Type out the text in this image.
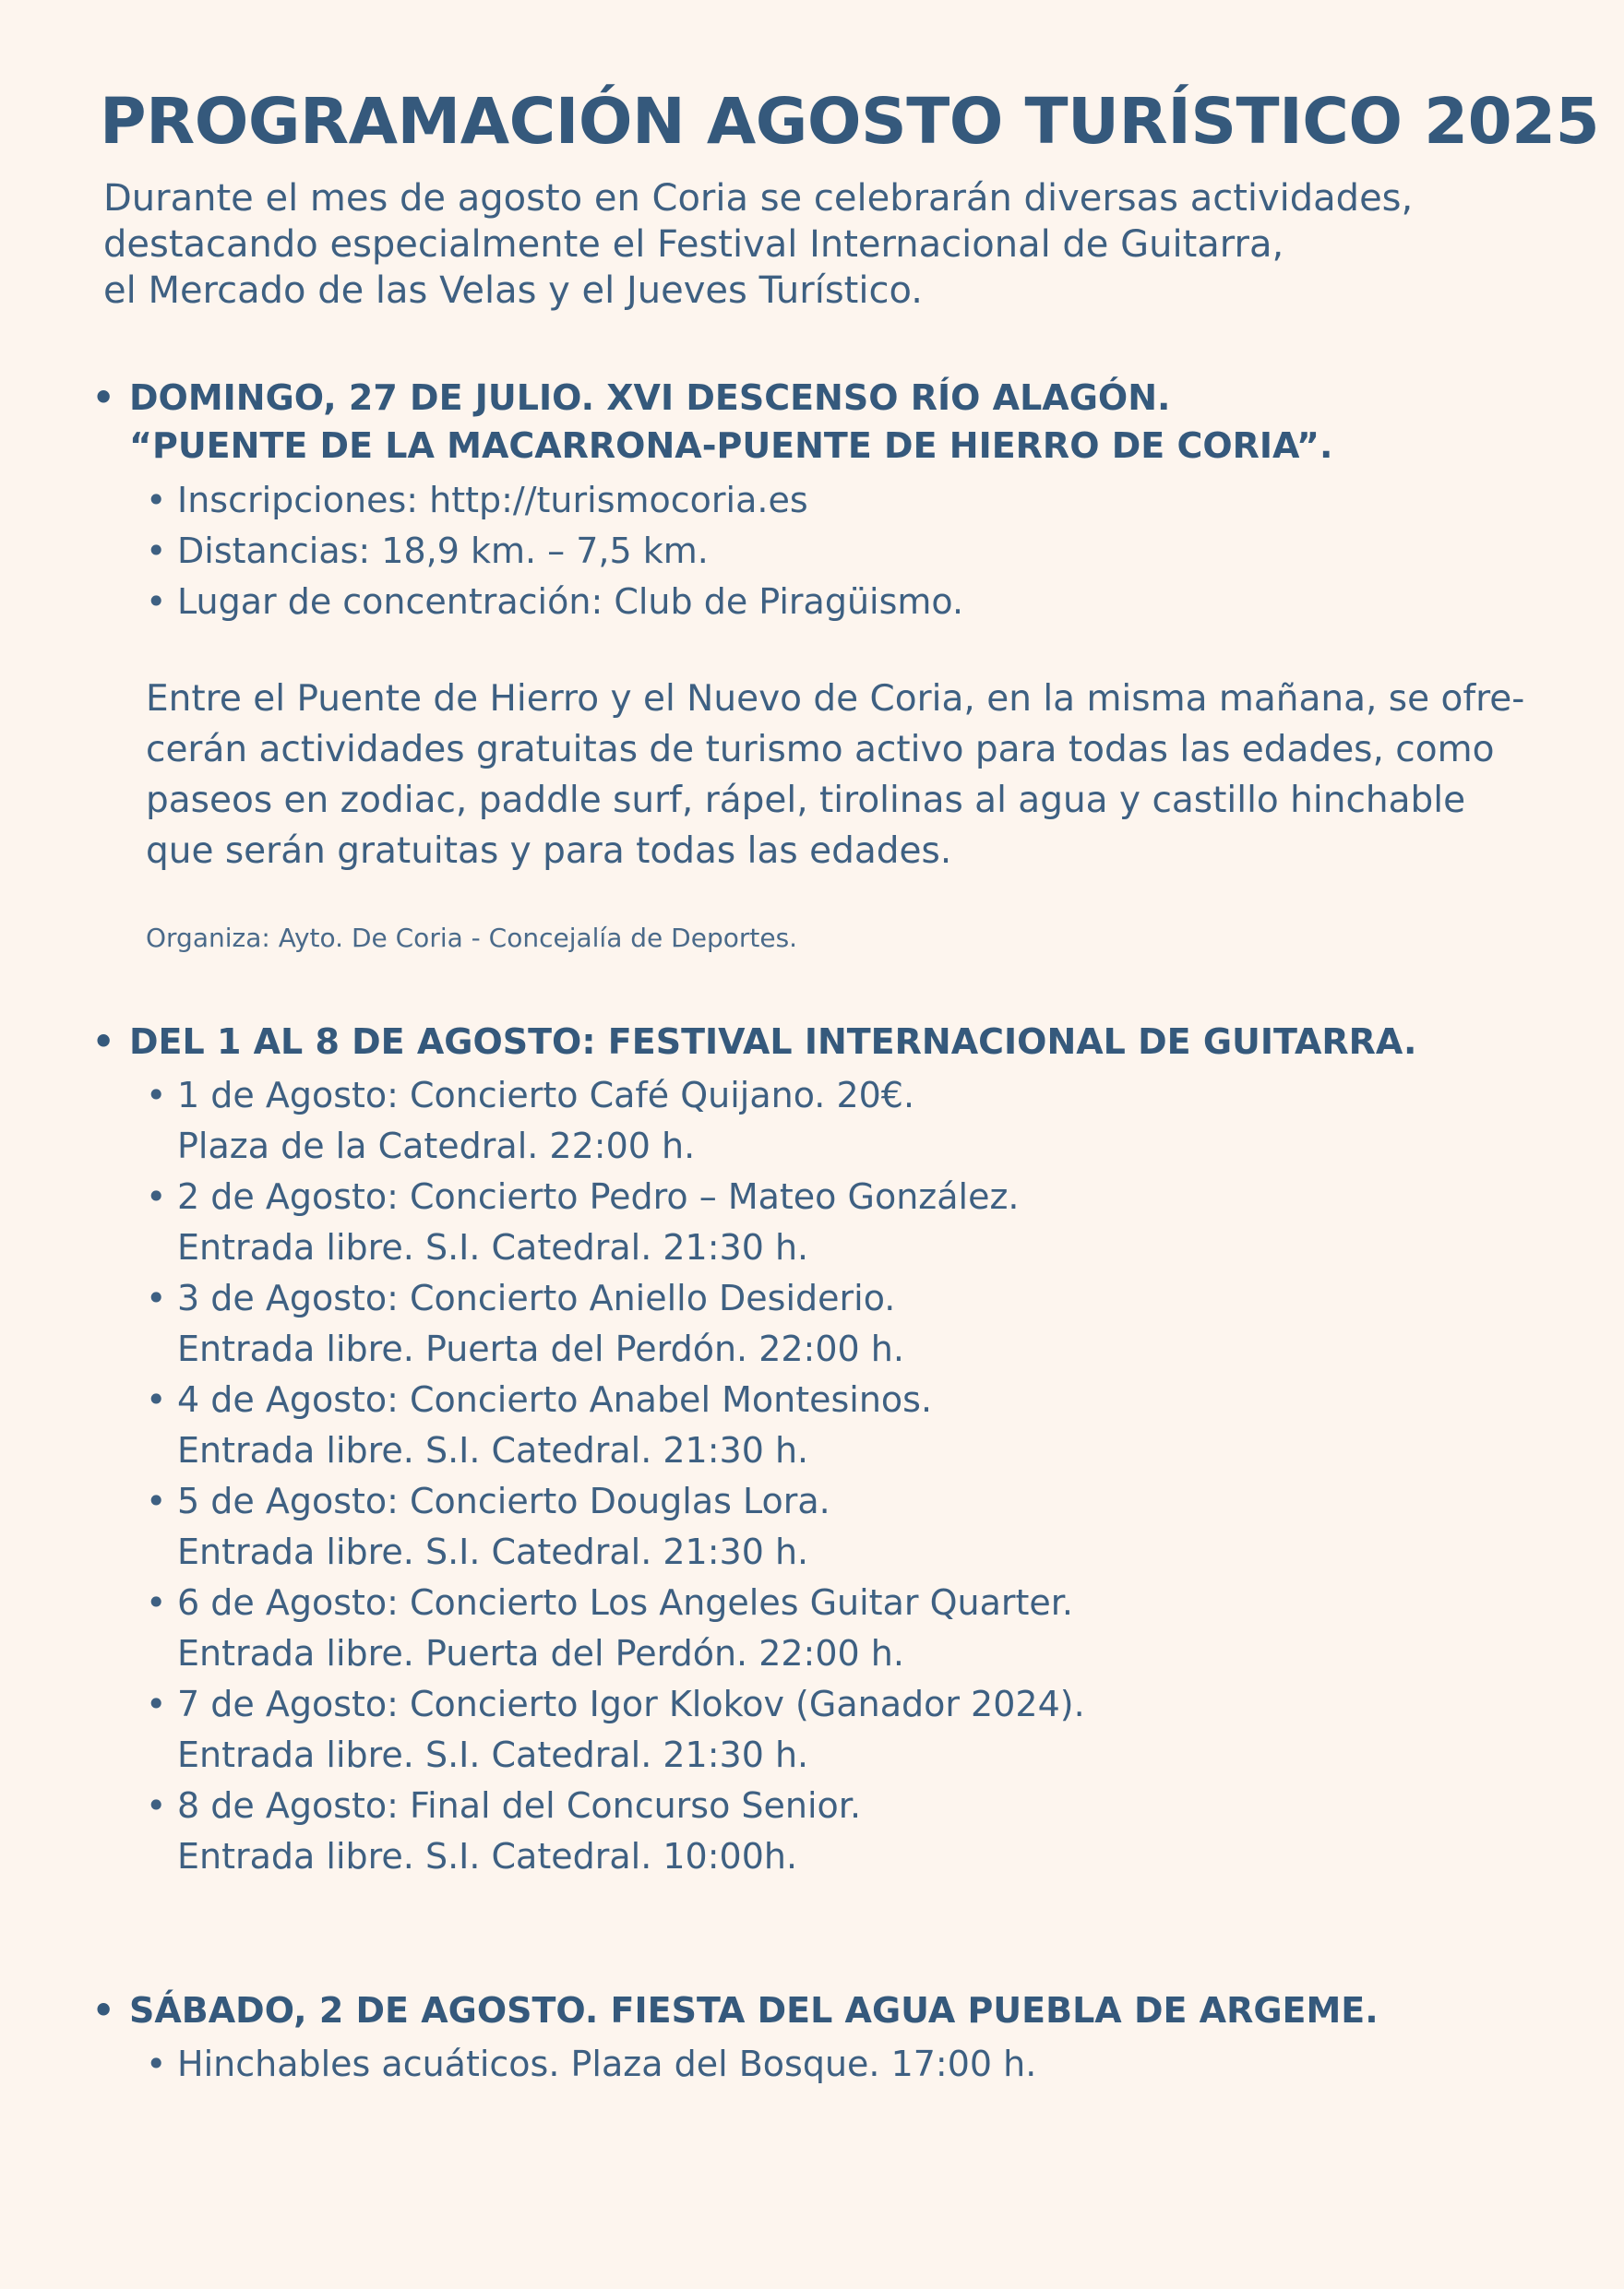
PROGRAMACIÓN AGOSTO TURÍSTICO 2025

Durante el mes de agosto en Coria se celebrarán diversas actividades,
destacando especialmente el Festival Internacional de Guitarra,
el Mercado de las Velas y el Jueves Turístico.

• DOMINGO, 27 DE JULIO. XVI DESCENSO RÍO ALAGÓN.
“PUENTE DE LA MACARRONA-PUENTE DE HIERRO DE CORIA”.
• Inscripciones: http://turismocoria.es
• Distancias: 18,9 km. – 7,5 km.
• Lugar de concentración: Club de Piragüismo.

Entre el Puente de Hierro y el Nuevo de Coria, en la misma mañana, se ofre-
cerán actividades gratuitas de turismo activo para todas las edades, como
paseos en zodiac, paddle surf, rápel, tirolinas al agua y castillo hinchable
que serán gratuitas y para todas las edades.

Organiza: Ayto. De Coria - Concejalía de Deportes.

• DEL 1 AL 8 DE AGOSTO: FESTIVAL INTERNACIONAL DE GUITARRA.
• 1 de Agosto: Concierto Café Quijano. 20€.
Plaza de la Catedral. 22:00 h.
• 2 de Agosto: Concierto Pedro – Mateo González.
Entrada libre. S.I. Catedral. 21:30 h.
• 3 de Agosto: Concierto Aniello Desiderio.
Entrada libre. Puerta del Perdón. 22:00 h.
• 4 de Agosto: Concierto Anabel Montesinos.
Entrada libre. S.I. Catedral. 21:30 h.
• 5 de Agosto: Concierto Douglas Lora.
Entrada libre. S.I. Catedral. 21:30 h.
• 6 de Agosto: Concierto Los Angeles Guitar Quarter.
Entrada libre. Puerta del Perdón. 22:00 h.
• 7 de Agosto: Concierto Igor Klokov (Ganador 2024).
Entrada libre. S.I. Catedral. 21:30 h.
• 8 de Agosto: Final del Concurso Senior.
Entrada libre. S.I. Catedral. 10:00h.
• SÁBADO, 2 DE AGOSTO. FIESTA DEL AGUA PUEBLA DE ARGEME.
• Hinchables acuáticos. Plaza del Bosque. 17:00 h.
